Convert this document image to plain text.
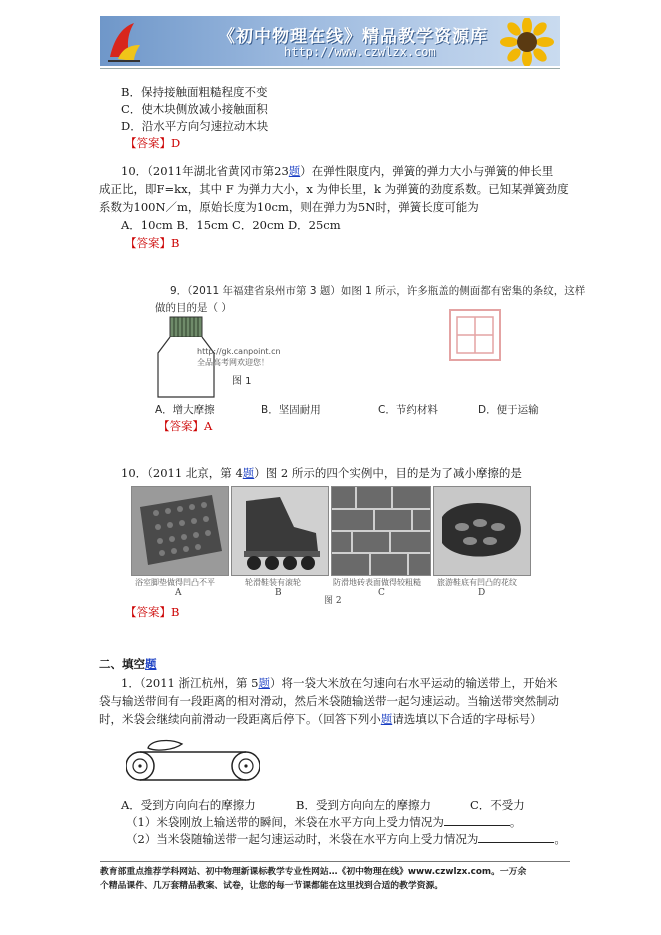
《初中物理在线》精品教学资源库
http://www.czwlzx.com
B．保持接触面粗糙程度不变
C．使木块侧放减小接触面积
D．沿水平方向匀速拉动木块
【答案】D
10．（2011年湖北省黄冈市第23题）在弹性限度内，弹簧的弹力大小与弹簧的伸长里
成正比，即F=kx，其中 F 为弹力大小，x 为伸长里，k 为弹簧的劲度系数。已知某弹簧劲度
系数为100N／m，原始长度为10cm，则在弹力为5N时，弹簧长度可能为
A．10cm B．15cm C．20cm D．25cm
【答案】B
9．（2011 年福建省泉州市第 3 题）如图 1 所示，许多瓶盖的侧面都有密集的条纹，这样
做的目的是（ ）
http://gk.canpoint.cn
全品高考网欢迎您！
图 1
A．增大摩擦	B．坚固耐用	C．节约材料	D．便于运输
【答案】A
10．（2011 北京，第 4题）图 2 所示的四个实例中，目的是为了减小摩擦的是
浴室脚垫做得凹凸不平	轮滑鞋装有滚轮	防滑地砖表面做得较粗糙 旅游鞋底有凹凸的花纹
A	B	C	D
图 2
【答案】B
二、填空题
1．（2011 浙江杭州，第 5题）将一袋大米放在匀速向右水平运动的输送带上，开始米
袋与输送带间有一段距离的相对滑动，然后米袋随输送带一起匀速运动。当输送带突然制动
时，米袋会继续向前滑动一段距离后停下。（回答下列小题请选填以下合适的字母标号）
A．受到方向向右的摩擦力	B．受到方向向左的摩擦力	C．不受力
（1）米袋刚放上输送带的瞬间，米袋在水平方向上受力情况为	。
（2）当米袋随输送带一起匀速运动时，米袋在水平方向上受力情况为	。
教育部重点推荐学科网站、初中物理新课标教学专业性网站…《初中物理在线》www.czwlzx.com。一万余
个精品课件、几万套精品教案、试卷，让您的每一节课都能在这里找到合适的教学资源。
